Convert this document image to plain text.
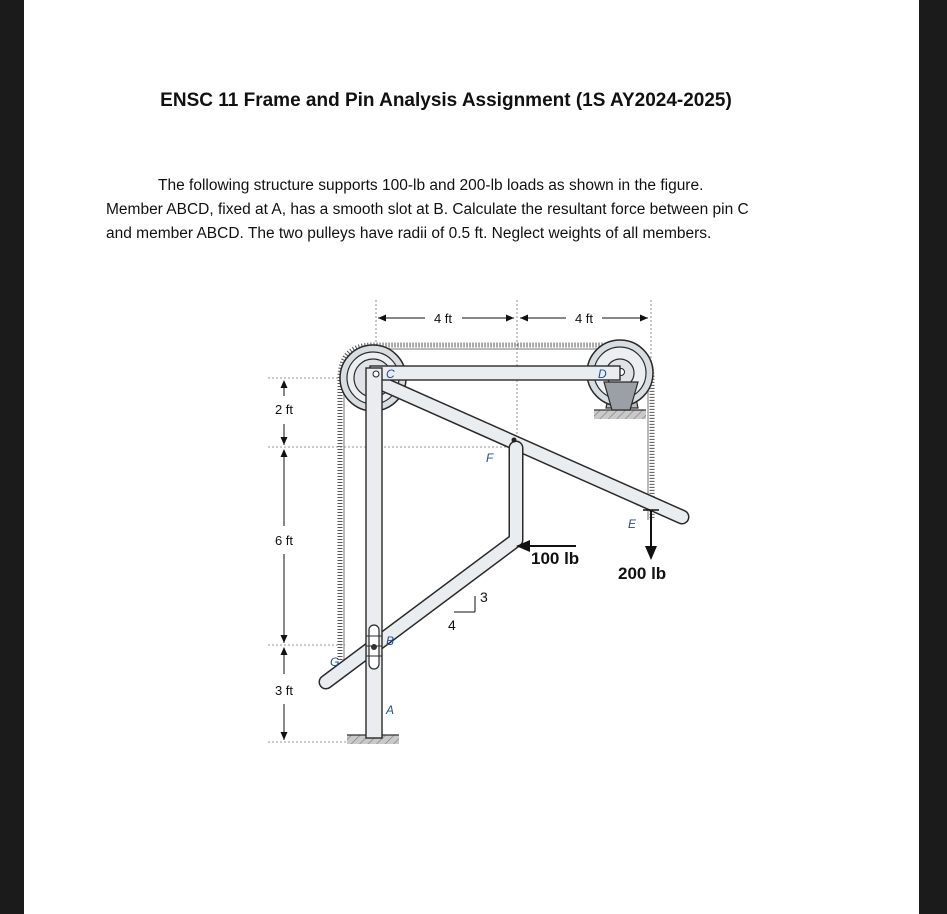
ENSC 11 Frame and Pin Analysis Assignment (1S AY2024-2025)
The following structure supports 100-lb and 200-lb loads as shown in the figure.
Member ABCD, fixed at A, has a smooth slot at B. Calculate the resultant force between pin C
and member ABCD. The two pulleys have radii of 0.5 ft. Neglect weights of all members.
4 ft	4 ft
2 ft
6 ft
3 ft
3
4
C	D
F
E
B
A
G
100 lb
200 lb
